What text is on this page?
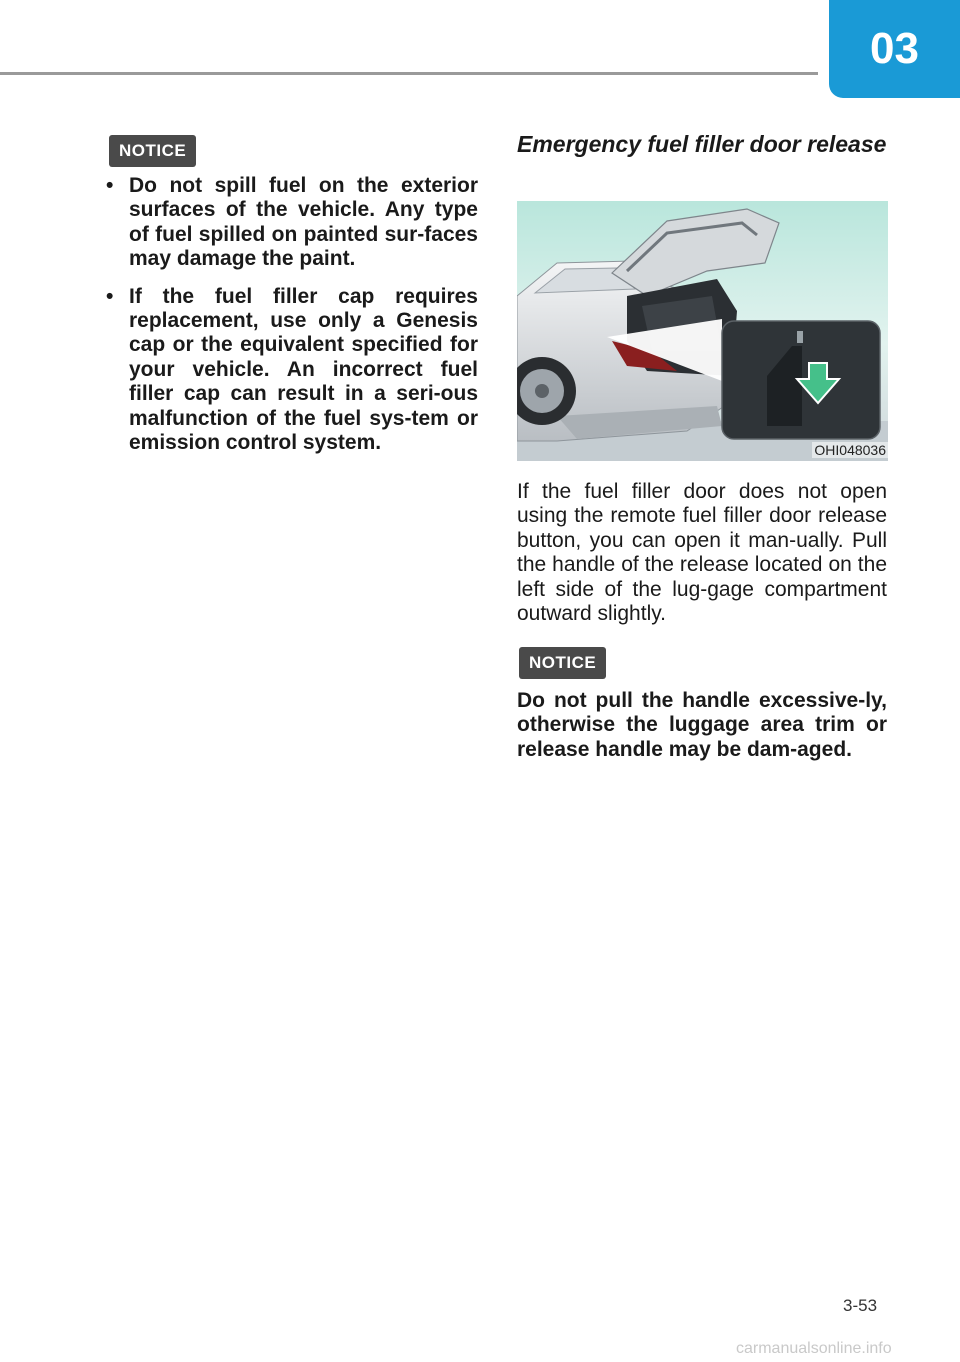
03
NOTICE
• Do not spill fuel on the exterior surfaces of the vehicle. Any type of fuel spilled on painted sur-faces may damage the paint.
• If the fuel filler cap requires replacement, use only a Genesis cap or the equivalent specified for your vehicle. An incorrect fuel filler cap can result in a seri-ous malfunction of the fuel sys-tem or emission control system.
Emergency fuel filler door release
OHI048036
If the fuel filler door does not open using the remote fuel filler door release button, you can open it man-ually. Pull the handle of the release located on the left side of the lug-gage compartment outward slightly.
NOTICE
Do not pull the handle excessive-ly, otherwise the luggage area trim or release handle may be dam-aged.
3-53
carmanualsonline.info
